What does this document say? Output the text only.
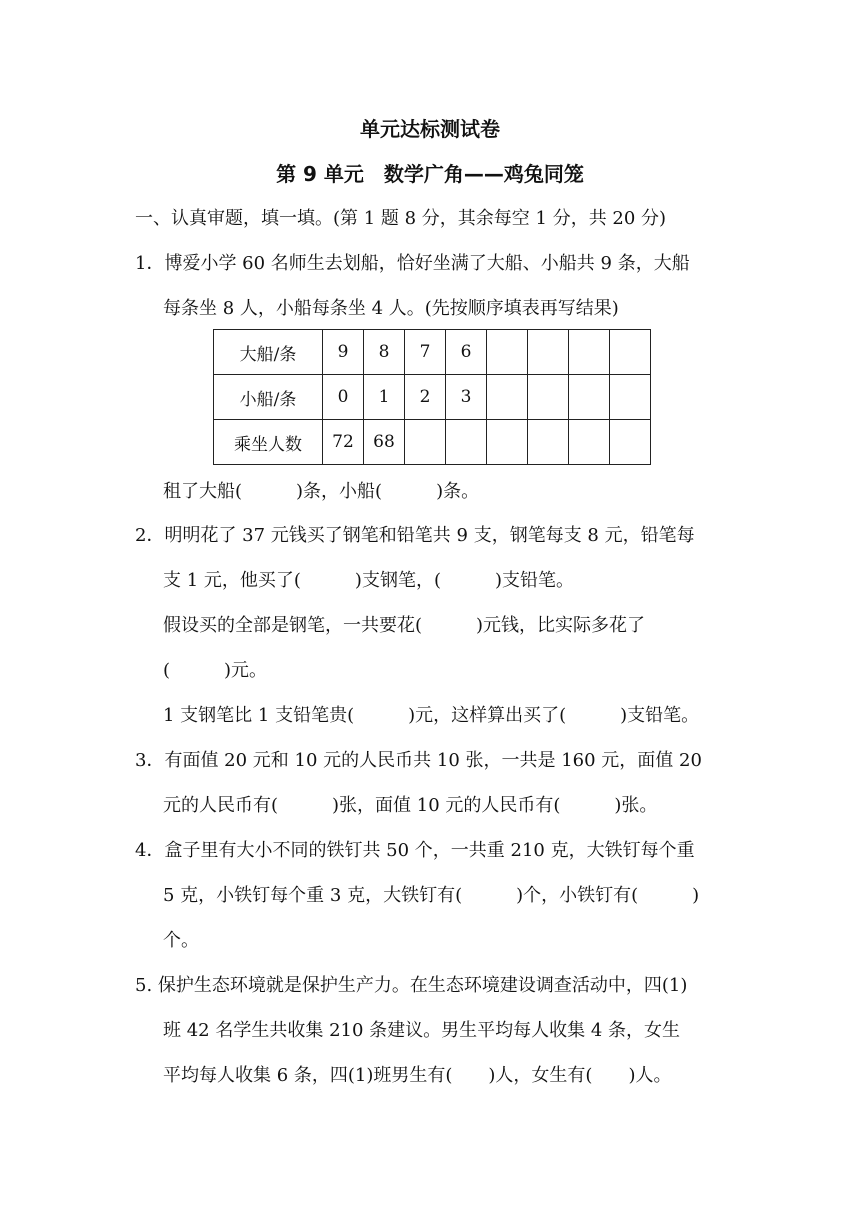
单元达标测试卷
第 9 单元　数学广角——鸡兔同笼
一、认真审题，填一填。(第 1 题 8 分，其余每空 1 分，共 20 分)
1．博爱小学 60 名师生去划船，恰好坐满了大船、小船共 9 条，大船
每条坐 8 人，小船每条坐 4 人。(先按顺序填表再写结果)
大船/条	9	8	7	6				
小船/条	0	1	2	3				
乘坐人数	72	68						
租了大船(　　　)条，小船(　　　)条。
2．明明花了 37 元钱买了钢笔和铅笔共 9 支，钢笔每支 8 元，铅笔每
支 1 元，他买了(　　　)支钢笔，(　　　)支铅笔。
假设买的全部是钢笔，一共要花(　　　)元钱，比实际多花了
(　　　)元。
1 支钢笔比 1 支铅笔贵(　　　)元，这样算出买了(　　　)支铅笔。
3．有面值 20 元和 10 元的人民币共 10 张，一共是 160 元，面值 20
元的人民币有(　　　)张，面值 10 元的人民币有(　　　)张。
4．盒子里有大小不同的铁钉共 50 个，一共重 210 克，大铁钉每个重
5 克，小铁钉每个重 3 克，大铁钉有(　　　)个，小铁钉有(　　　)
个。
5. 保护生态环境就是保护生产力。在生态环境建设调查活动中，四(1)
班 42 名学生共收集 210 条建议。男生平均每人收集 4 条，女生
平均每人收集 6 条，四(1)班男生有(　　)人，女生有(　　)人。
